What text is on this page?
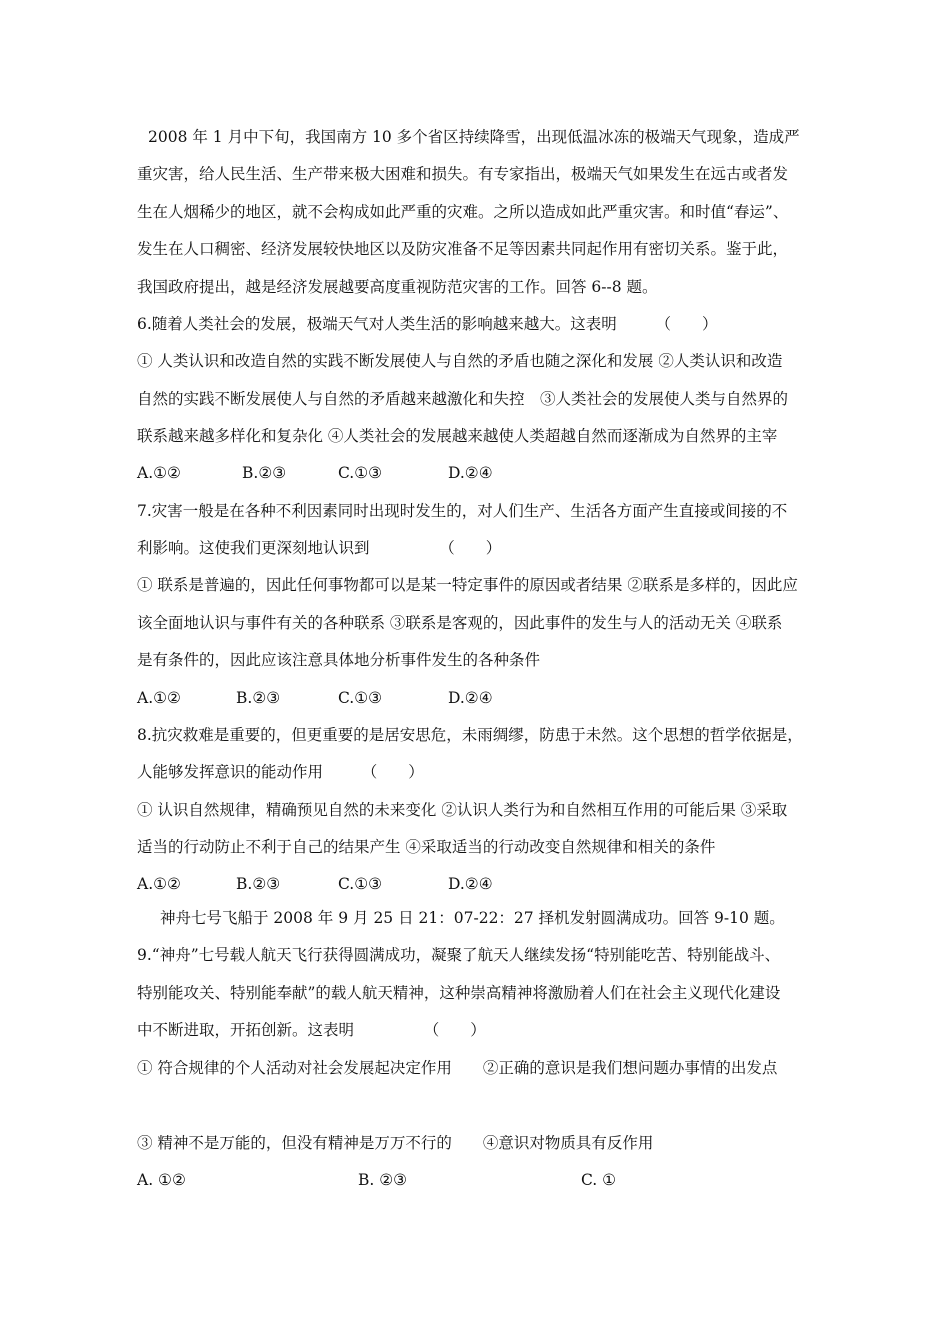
2008 年 1 月中下旬，我国南方 10 多个省区持续降雪，出现低温冰冻的极端天气现象，造成严
重灾害，给人民生活、生产带来极大困难和损失。有专家指出，极端天气如果发生在远古或者发
生在人烟稀少的地区，就不会构成如此严重的灾难。之所以造成如此严重灾害。和时值“春运”、
发生在人口稠密、经济发展较快地区以及防灾准备不足等因素共同起作用有密切关系。鉴于此，
我国政府提出，越是经济发展越要高度重视防范灾害的工作。回答 6--8 题。
6.随着人类社会的发展，极端天气对人类生活的影响越来越大。这表明　　　（　　）
① 人类认识和改造自然的实践不断发展使人与自然的矛盾也随之深化和发展 ②人类认识和改造
自然的实践不断发展使人与自然的矛盾越来越激化和失控　③人类社会的发展使人类与自然界的
联系越来越多样化和复杂化 ④人类社会的发展越来越使人类超越自然而逐渐成为自然界的主宰
A.①②	B.②③	C.①③	D.②④
7.灾害一般是在各种不利因素同时出现时发生的，对人们生产、生活各方面产生直接或间接的不
利影响。这使我们更深刻地认识到　　　　　（　　）
① 联系是普遍的，因此任何事物都可以是某一特定事件的原因或者结果 ②联系是多样的，因此应
该全面地认识与事件有关的各种联系 ③联系是客观的，因此事件的发生与人的活动无关 ④联系
是有条件的，因此应该注意具体地分析事件发生的各种条件
A.①②	B.②③	C.①③	D.②④
8.抗灾救难是重要的，但更重要的是居安思危，未雨绸缪，防患于未然。这个思想的哲学依据是，
人能够发挥意识的能动作用　　　（　　）
① 认识自然规律，精确预见自然的未来变化 ②认识人类行为和自然相互作用的可能后果 ③采取
适当的行动防止不利于自己的结果产生 ④采取适当的行动改变自然规律和相关的条件
A.①②	B.②③	C.①③	D.②④
神舟七号飞船于 2008 年 9 月 25 日 21：07-22：27 择机发射圆满成功。回答 9-10 题。
9.“神舟”七号载人航天飞行获得圆满成功，凝聚了航天人继续发扬“特别能吃苦、特别能战斗、
特别能攻关、特别能奉献”的载人航天精神，这种崇高精神将激励着人们在社会主义现代化建设
中不断进取，开拓创新。这表明　　　　　（　　）
① 符合规律的个人活动对社会发展起决定作用　　②正确的意识是我们想问题办事情的出发点
③ 精神不是万能的，但没有精神是万万不行的　　④意识对物质具有反作用
A. ①②	B. ②③	C. ①
